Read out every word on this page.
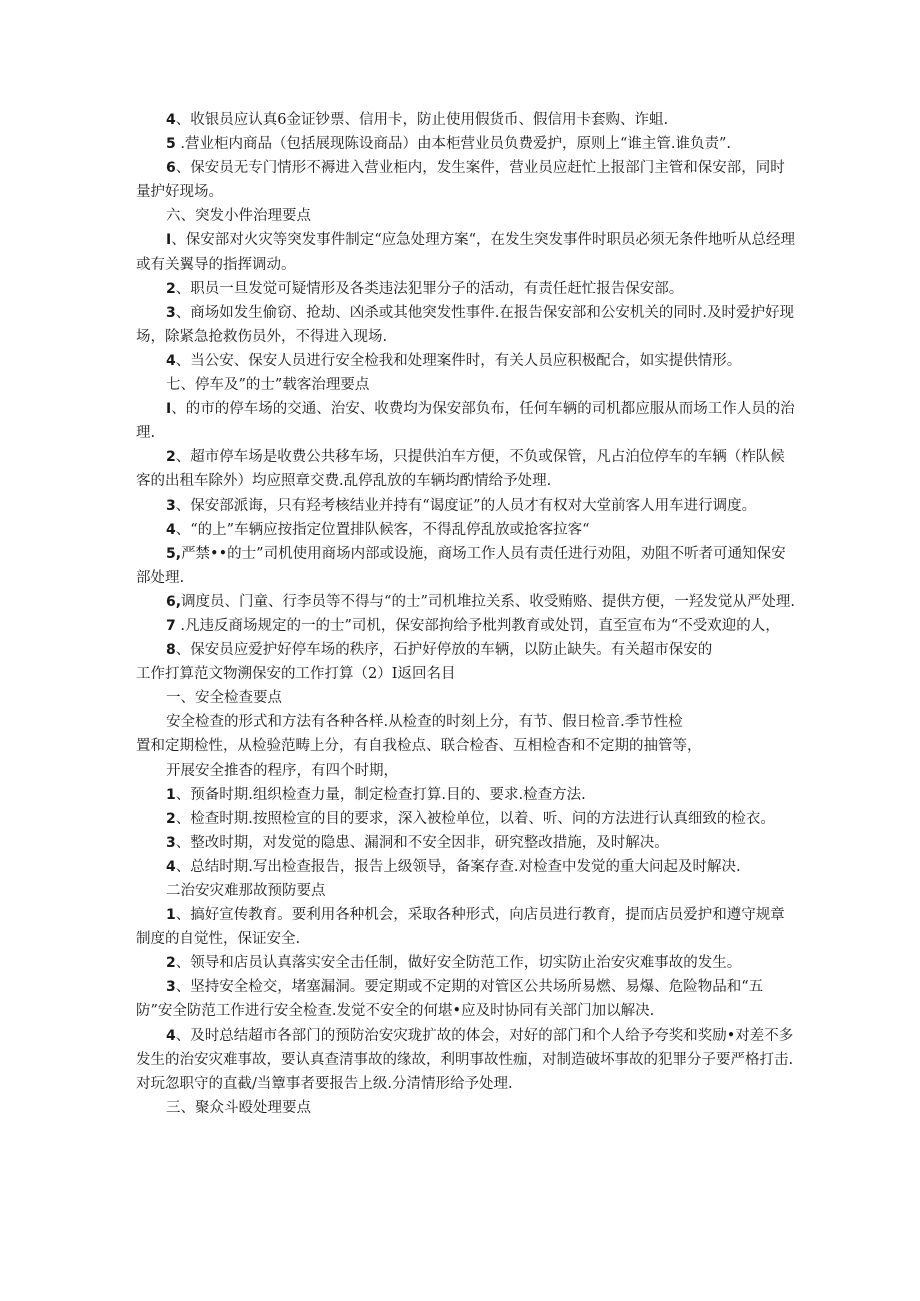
4、收银员应认真6金证钞票、信用卡，防止使用假货币、假信用卡套购、诈蛆.

5 .营业柜内商品（包括展现陈设商品）由本柜营业员负费爱护，原则上“谁主管.谁负责”.

6、保安员无专门情形不褥进入营业柜内，发生案件，营业员应赶忙上报部门主管和保安部，同时量护好现场。

六、突发小件治理要点

I、保安部对火灾等突发事件制定“应急处理方案“，在发生突发事件时职员必须无条件地听从总经理或有关翼导的指挥调动。

2、职员一旦发觉可疑情形及各类违法犯罪分子的活动，有责任赶忙报告保安部。

3、商场如发生偷窃、抢劫、凶杀或其他突发性事件.在报告保安部和公安机关的同时.及时爱护好现场，除紧急抢救伤员外，不得进入现场.

4、当公安、保安人员进行安全检我和处理案件时，有关人员应积极配合，如实提供情形。

七、停车及”的士”载客治理要点

I、的市的停车场的交通、治安、收费均为保安部负布，任何车辆的司机都应服从而场工作人员的治理.

2、超市停车场是收费公共移车场，只提供泊车方便，不负或保管，凡占泊位停车的车辆（柞队候客的出租车除外）均应照章交费.乱停乱放的车辆均酌情给予处理.

3、保安部派诲，只有羟考核结业并持有“谒度证”的人员才有权对大堂前客人用车进行调度。

4、“的上”车辆应按指定位置排队候客，不得乱停乱放或抢客拉客“

5,严禁••的士”司机使用商场内部或设施，商场工作人员有责任进行劝阻，劝阻不听者可通知保安部处理.

6,调度员、门童、行李员等不得与“的士”司机堆拉关系、收受贿赂、提供方便，一羟发觉从严处理.

7 .凡违反商场规定的一的士”司机，保安部拘给予枇判教育或处罚，直至宣布为“不受欢迎的人，

8、保安员应爱护好停车场的秩序，石护好停放的车辆，以防止缺失。有关超市保安的

工作打算范文物溯保安的工作打算（2）I返回名目

一、安全检查要点

安全检查的形式和方法有各种各样.从检查的时刻上分，有节、假日检音.季节性检

置和定期检性，从检验范畴上分，有自我检点、联合检杳、互相检杳和不定期的抽管等，

开展安全推杳的程序，有四个时期，

1、预备时期.组织检查力量，制定检查打算.目的、要求.检查方法.

2、检查时期.按照检宣的目的要求，深入被检单位，以着、听、问的方法进行认真细致的检衣。

3、整改时期，对发觉的隐患、漏洞和不安全因非，研究整改措施，及时解决。

4、总结时期.写出检查报告，报告上级领导，备案存查.对检查中发觉的重大问起及时解决.

二治安灾难那故预防要点

1、搞好宣传教育。要利用各种机会，采取各种形式，向店员进行教育，提而店员爱护和遵守规章制度的自觉性，保证安全.

2、领导和店员认真落实安全击任制，做好安全防范工作，切实防止治安灾难事故的发生。

3、坚持安全检交，堵塞漏洞。要定期或不定期的对管区公共场所易燃、易爆、危险物品和“五防”安全防范工作进行安全检查.发觉不安全的何堪•应及时协同有关部门加以解决.

4、及时总结超市各部门的预防治安灾珑扩故的体会，对好的部门和个人给予夸奖和奖励•对差不多发生的治安灾难事故，要认真查清事故的缘故，利明事故性痂，对制造破坏事故的犯罪分子要严格打击.对玩忽职守的直截/当簟事者要报告上级.分清情形给予处理.

三、聚众斗殴处理要点
